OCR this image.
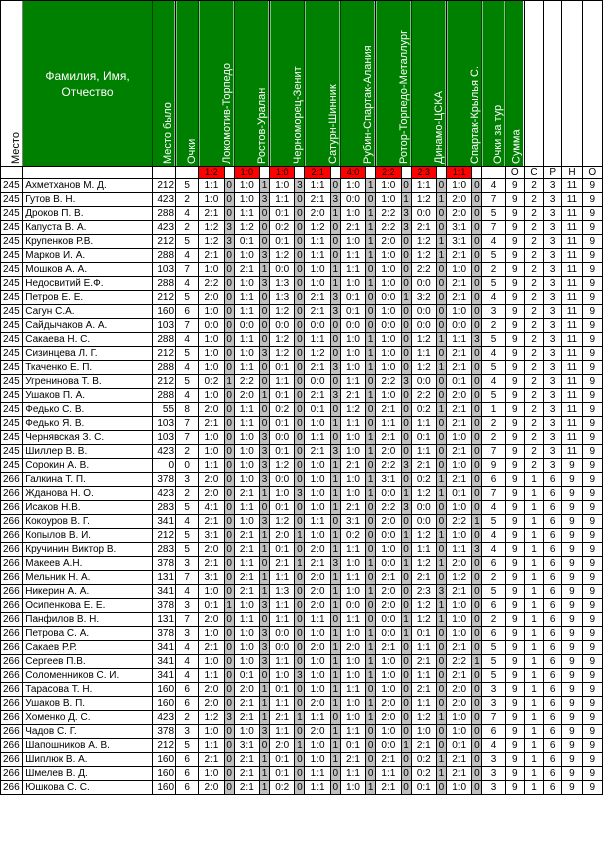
Место	Фамилия, Имя, Отчество	Место было	Очки	Локомотив-Торпедо		Ростов-Уралан		Черноморец-Зенит		Сатурн-Шинник		Рубин-Спартак-Алания		Ротор-Торпедо-Металлург		Динамо-ЦСКА		Спартак-Крылья С.		Очки за тур	Сумма				
				1:2		1:0		1:0		2:1		4:0		2:2		2:3		1:1			О	С	Р	Н	О
245	Ахметханов М. Д.	212	5	1:1	0	1:0	1	1:0	3	1:1	0	1:0	1	1:0	0	1:1	0	1:0	0	4	9	2	3	11	9
245	Гутов В. Н.	423	2	1:0	0	1:0	3	1:1	0	2:1	3	0:0	0	1:0	1	1:2	1	2:0	0	7	9	2	3	11	9
245	Дроков П. В.	288	4	2:1	0	1:1	0	0:1	0	2:0	1	1:0	1	2:2	3	0:0	0	2:0	0	5	9	2	3	11	9
245	Капуста В. А.	423	2	1:2	3	1:2	0	0:2	0	1:2	0	2:1	1	2:2	3	2:1	0	3:1	0	7	9	2	3	11	9
245	Крупенков Р.В.	212	5	1:2	3	0:1	0	0:1	0	1:1	0	1:0	1	2:0	0	1:2	1	3:1	0	4	9	2	3	11	9
245	Марков И. А.	288	4	2:1	0	1:0	3	1:2	0	1:1	0	1:1	1	1:0	0	1:2	1	2:1	0	5	9	2	3	11	9
245	Мошков А. А.	103	7	1:0	0	2:1	1	0:0	0	1:0	1	1:1	0	1:0	0	2:2	0	1:0	0	2	9	2	3	11	9
245	Недосвитий Е.Ф.	288	4	2:2	0	1:0	3	1:3	0	1:0	1	1:0	1	1:0	0	0:0	0	2:1	0	5	9	2	3	11	9
245	Петров Е. Е.	212	5	2:0	0	1:1	0	1:3	0	2:1	3	0:1	0	0:0	1	3:2	0	2:1	0	4	9	2	3	11	9
245	Сагун С.А.	160	6	1:0	0	1:1	0	1:2	0	2:1	3	0:1	0	1:0	0	0:0	0	1:0	0	3	9	2	3	11	9
245	Сайдычаков А. А.	103	7	0:0	0	0:0	0	0:0	0	0:0	0	0:0	0	0:0	0	0:0	0	0:0	0	2	9	2	3	11	9
245	Сакаева Н. С.	288	4	1:0	0	1:1	0	1:2	0	1:1	0	1:0	1	1:0	0	1:2	1	1:1	3	5	9	2	3	11	9
245	Сизинцева Л. Г.	212	5	1:0	0	1:0	3	1:2	0	1:2	0	1:0	1	1:0	0	1:1	0	2:1	0	4	9	2	3	11	9
245	Ткаченко Е. П.	288	4	1:0	0	1:1	0	0:1	0	2:1	3	1:0	1	1:0	0	1:2	1	2:1	0	5	9	2	3	11	9
245	Угренинова Т. В.	212	5	0:2	1	2:2	0	1:1	0	0:0	0	1:1	0	2:2	3	0:0	0	0:1	0	4	9	2	3	11	9
245	Ушаков П. А.	288	4	1:0	0	2:0	1	0:1	0	2:1	3	2:1	1	1:0	0	2:2	0	2:0	0	5	9	2	3	11	9
245	Федько С. В.	55	8	2:0	0	1:1	0	0:2	0	0:1	0	1:2	0	2:1	0	0:2	1	2:1	0	1	9	2	3	11	9
245	Федько Я. В.	103	7	2:1	0	1:1	0	0:1	0	1:0	1	1:1	0	1:1	0	1:1	0	2:1	0	2	9	2	3	11	9
245	Чернявская З. С.	103	7	1:0	0	1:0	3	0:0	0	1:1	0	1:0	1	2:1	0	0:1	0	1:0	0	2	9	2	3	11	9
245	Шиллер В. В.	423	2	1:0	0	1:0	3	0:1	0	2:1	3	1:0	1	2:0	0	1:1	0	2:1	0	7	9	2	3	11	9
245	Сорокин А. В.	0	0	1:1	0	1:0	3	1:2	0	1:0	1	2:1	0	2:2	3	2:1	0	1:0	0	9	9	2	3	9	9
266	Галкина Т. П.	378	3	2:0	0	1:0	3	0:0	0	1:0	1	1:0	1	3:1	0	0:2	1	2:1	0	6	9	1	6	9	9
266	Жданова Н. О.	423	2	2:0	0	2:1	1	1:0	3	1:0	1	1:0	1	0:0	1	1:2	1	0:1	0	7	9	1	6	9	9
266	Исаков Н.В.	283	5	4:1	0	1:1	0	0:1	0	1:0	1	2:1	0	2:2	3	0:0	0	1:0	0	4	9	1	6	9	9
266	Кокоуров В. Г.	341	4	2:1	0	1:0	3	1:2	0	1:1	0	3:1	0	2:0	0	0:0	0	2:2	1	5	9	1	6	9	9
266	Копылов В. И.	212	5	3:1	0	2:1	1	2:0	1	1:0	1	0:2	0	0:0	1	1:2	1	1:0	0	4	9	1	6	9	9
266	Кручинин Виктор В.	283	5	2:0	0	2:1	1	0:1	0	2:0	1	1:1	0	1:0	0	1:1	0	1:1	3	4	9	1	6	9	9
266	Макеев А.Н.	378	3	2:1	0	1:1	0	2:1	1	2:1	3	1:0	1	0:0	1	1:2	1	2:0	0	6	9	1	6	9	9
266	Мельник Н. А.	131	7	3:1	0	2:1	1	1:1	0	2:0	1	1:1	0	2:1	0	2:1	0	1:2	0	2	9	1	6	9	9
266	Никерин А. А.	341	4	1:0	0	2:1	1	1:3	0	2:0	1	1:0	1	2:0	0	2:3	3	2:1	0	5	9	1	6	9	9
266	Осипенкова Е. Е.	378	3	0:1	1	1:0	3	1:1	0	2:0	1	0:0	0	2:0	0	1:2	1	1:0	0	6	9	1	6	9	9
266	Панфилов В. Н.	131	7	2:0	0	1:1	0	1:1	0	1:1	0	1:1	0	0:0	1	1:2	1	1:0	0	2	9	1	6	9	9
266	Петрова С. А.	378	3	1:0	0	1:0	3	0:0	0	1:0	1	1:0	1	0:0	1	0:1	0	1:0	0	6	9	1	6	9	9
266	Сакаев Р.Р.	341	4	2:1	0	1:0	3	0:0	0	2:0	1	2:0	1	2:1	0	1:1	0	2:1	0	5	9	1	6	9	9
266	Сергеев П.В.	341	4	1:0	0	1:0	3	1:1	0	1:0	1	1:0	1	1:0	0	2:1	0	2:2	1	5	9	1	6	9	9
266	Соломенников С. И.	341	4	1:1	0	0:1	0	1:0	3	1:0	1	1:0	1	1:0	0	1:1	0	2:1	0	5	9	1	6	9	9
266	Тарасова Т. Н.	160	6	2:0	0	2:0	1	0:1	0	1:0	1	1:1	0	1:0	0	2:1	0	2:0	0	3	9	1	6	9	9
266	Ушаков В. П.	160	6	2:0	0	2:1	1	1:1	0	2:0	1	1:0	1	2:0	0	1:1	0	2:0	0	3	9	1	6	9	9
266	Хоменко Д. С.	423	2	1:2	3	2:1	1	2:1	1	1:1	0	1:0	1	2:0	0	1:2	1	1:0	0	7	9	1	6	9	9
266	Чадов С. Г.	378	3	1:0	0	1:0	3	1:1	0	2:0	1	1:1	0	1:0	0	1:0	0	1:0	0	6	9	1	6	9	9
266	Шапошников А. В.	212	5	1:1	0	3:1	0	2:0	1	1:0	1	0:1	0	0:0	1	2:1	0	0:1	0	4	9	1	6	9	9
266	Шиплюк В. А.	160	6	2:1	0	2:1	1	0:1	0	1:0	1	2:1	0	2:1	0	0:2	1	2:1	0	3	9	1	6	9	9
266	Шмелев В. Д.	160	6	1:0	0	2:1	1	0:1	0	1:1	0	1:1	0	1:1	0	0:2	1	2:1	0	3	9	1	6	9	9
266	Юшкова С. С.	160	6	2:0	0	2:1	1	0:2	0	1:1	0	1:0	1	2:1	0	0:1	0	1:0	0	3	9	1	6	9	9
